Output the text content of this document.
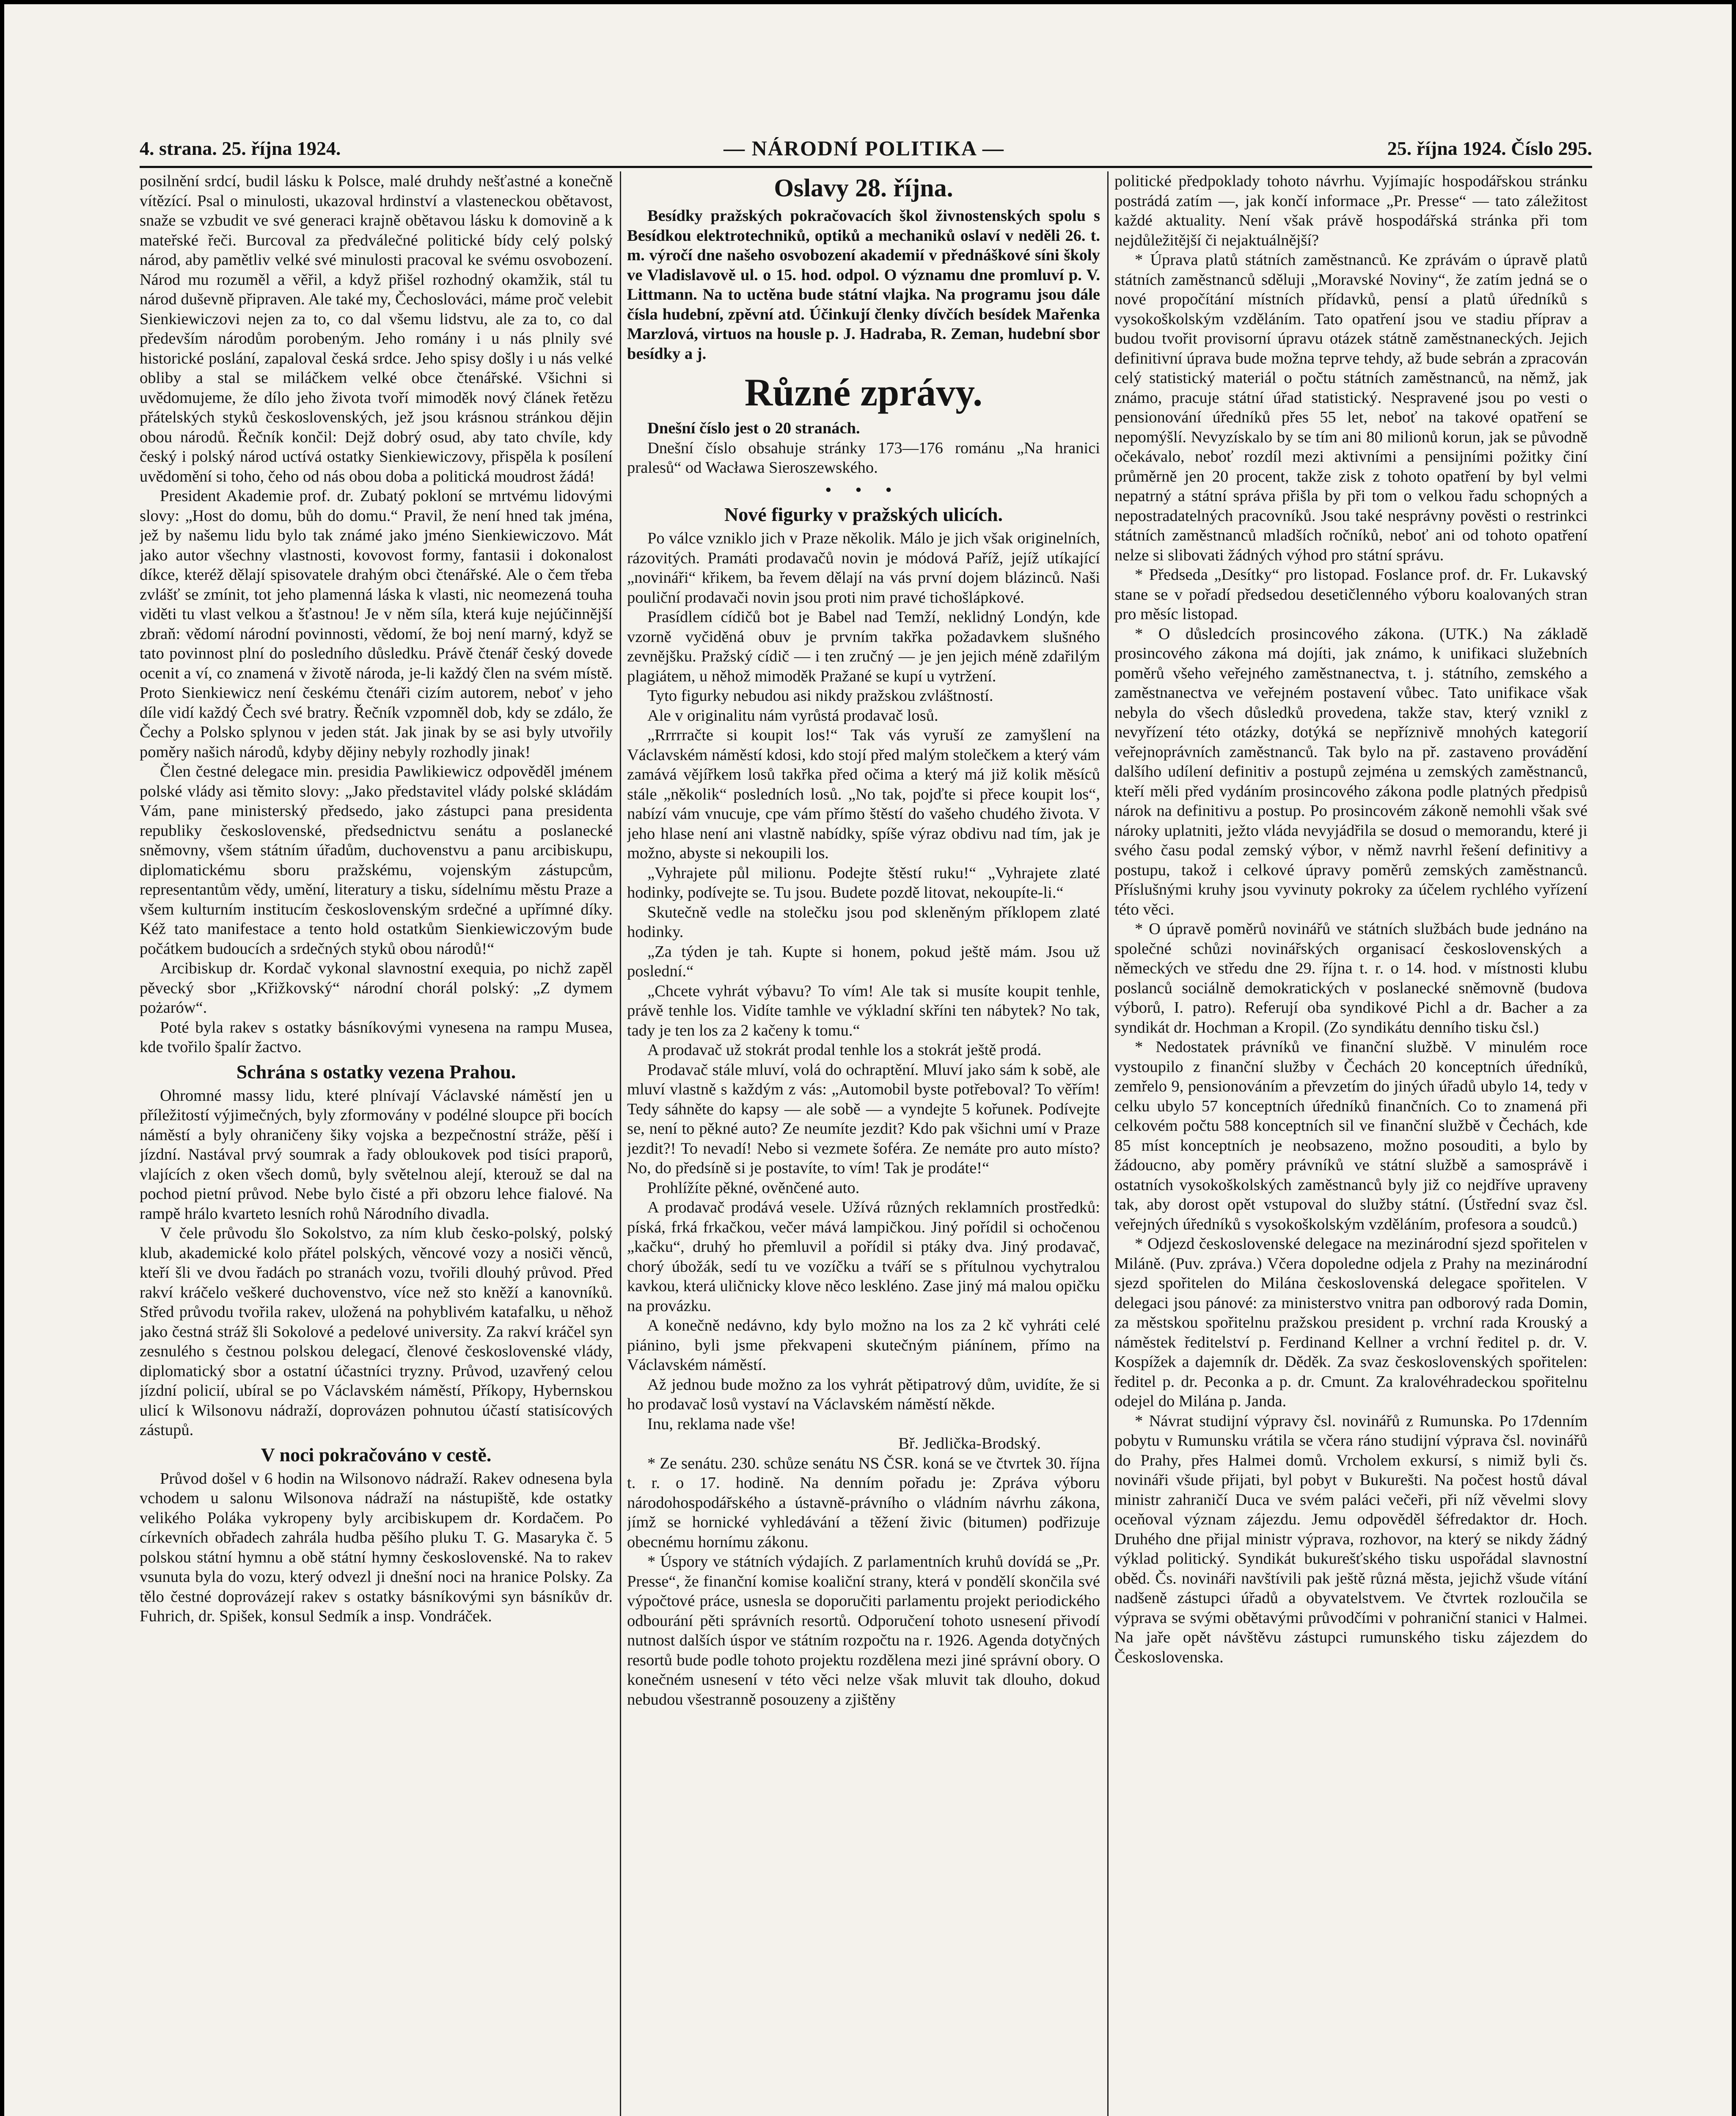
4. strana. 25. října 1924.	— NÁRODNÍ POLITIKA —	25. října 1924. Číslo 295.

posilnění srdcí, budil lásku k Polsce, malé druhdy nešťastné a konečně vítězící. Psal o minulosti, ukazoval hrdinství a vlasteneckou obětavost, snaže se vzbudit ve své generaci krajně obětavou lásku k domovině a k mateřské řeči. Burcoval za předválečné politické bídy celý polský národ, aby pamětliv velké své minulosti pracoval ke svému osvobození. Národ mu rozuměl a věřil, a když přišel rozhodný okamžik, stál tu národ duševně připraven. Ale také my, Čechoslováci, máme proč velebit Sienkiewiczovi nejen za to, co dal všemu lidstvu, ale za to, co dal především národům porobeným. Jeho romány i u nás plnily své historické poslání, zapaloval česká srdce. Jeho spisy došly i u nás velké obliby a stal se miláčkem velké obce čtenářské. Všichni si uvědomujeme, že dílo jeho života tvoří mimoděk nový článek řetězu přátelských styků československých, jež jsou krásnou stránkou dějin obou národů. Řečník končil: Dejž dobrý osud, aby tato chvíle, kdy český i polský národ uctívá ostatky Sienkiewiczovy, přispěla k posílení uvědomění si toho, čeho od nás obou doba a politická moudrost žádá!

President Akademie prof. dr. Zubatý pokloní se mrtvému lidovými slovy: „Host do domu, bůh do domu.“ Pravil, že není hned tak jména, jež by našemu lidu bylo tak známé jako jméno Sienkiewiczovo. Mát jako autor všechny vlastnosti, kovovost formy, fantasii i dokonalost díkce, kteréž dělají spisovatele drahým obci čtenářské. Ale o čem třeba zvlášť se zmínit, tot jeho plamenná láska k vlasti, nic neomezená touha viděti tu vlast velkou a šťastnou! Je v něm síla, která kuje nejúčinnější zbraň: vědomí národní povinnosti, vědomí, že boj není marný, když se tato povinnost plní do posledního důsledku. Právě čtenář český dovede ocenit a ví, co znamená v životě národa, je-li každý člen na svém místě. Proto Sienkiewicz není českému čtenáři cizím autorem, neboť v jeho díle vidí každý Čech své bratry. Řečník vzpomněl dob, kdy se zdálo, že Čechy a Polsko splynou v jeden stát. Jak jinak by se asi byly utvořily poměry našich národů, kdyby dějiny nebyly rozhodly jinak!

Člen čestné delegace min. presidia Pawlikiewicz odpověděl jménem polské vlády asi těmito slovy: „Jako představitel vlády polské skládám Vám, pane ministerský předsedo, jako zástupci pana presidenta republiky československé, předsednictvu senátu a poslanecké sněmovny, všem státním úřadům, duchovenstvu a panu arcibiskupu, diplomatickému sboru pražskému, vojenským zástupcům, representantům vědy, umění, literatury a tisku, sídelnímu městu Praze a všem kulturním institucím československým srdečné a upřímné díky. Kéž tato manifestace a tento hold ostatkům Sienkiewiczovým bude počátkem budoucích a srdečných styků obou národů!“

Arcibiskup dr. Kordač vykonal slavnostní exequia, po nichž zapěl pěvecký sbor „Křižkovský“ národní chorál polský: „Z dymem pożarów“.

Poté byla rakev s ostatky básníkovými vynesena na rampu Musea, kde tvořilo špalír žactvo.

Schrána s ostatky vezena Prahou.

Ohromné massy lidu, které plnívají Václavské náměstí jen u příležitostí výjimečných, byly zformovány v podélné sloupce při bocích náměstí a byly ohraničeny šiky vojska a bezpečnostní stráže, pěší i jízdní. Nastával prvý soumrak a řady obloukovek pod tisíci praporů, vlajících z oken všech domů, byly světelnou alejí, kterouž se dal na pochod pietní průvod. Nebe bylo čisté a při obzoru lehce fialové. Na rampě hrálo kvarteto lesních rohů Národního divadla.

V čele průvodu šlo Sokolstvo, za ním klub česko-polský, polský klub, akademické kolo přátel polských, věncové vozy a nosiči věnců, kteří šli ve dvou řadách po stranách vozu, tvořili dlouhý průvod. Před rakví kráčelo veškeré duchovenstvo, více než sto kněží a kanovníků. Střed průvodu tvořila rakev, uložená na pohyblivém katafalku, u něhož jako čestná stráž šli Sokolové a pedelové university. Za rakví kráčel syn zesnulého s čestnou polskou delegací, členové československé vlády, diplomatický sbor a ostatní účastníci tryzny. Průvod, uzavřený celou jízdní policií, ubíral se po Václavském náměstí, Příkopy, Hybernskou ulicí k Wilsonovu nádraží, doprovázen pohnutou účastí statisícových zástupů.

V noci pokračováno v cestě.

Průvod došel v 6 hodin na Wilsonovo nádraží. Rakev odnesena byla vchodem u salonu Wilsonova nádraží na nástupiště, kde ostatky velikého Poláka vykropeny byly arcibiskupem dr. Kordačem. Po církevních obřadech zahrála hudba pěšího pluku T. G. Masaryka č. 5 polskou státní hymnu a obě státní hymny československé. Na to rakev vsunuta byla do vozu, který odvezl ji dnešní noci na hranice Polsky. Za tělo čestné doprovázejí rakev s ostatky básníkovými syn básníkův dr. Fuhrich, dr. Spišek, konsul Sedmík a insp. Vondráček.

Oslavy 28. října.

Besídky pražských pokračovacích škol živnostenských spolu s Besídkou elektrotechniků, optiků a mechaniků oslaví v neděli 26. t. m. výročí dne našeho osvobození akademií v přednáškové síni školy ve Vladislavově ul. o 15. hod. odpol. O významu dne promluví p. V. Littmann. Na to uctěna bude státní vlajka. Na programu jsou dále čísla hudební, zpěvní atd. Účinkují členky dívčích besídek Mařenka Marzlová, virtuos na housle p. J. Hadraba, R. Zeman, hudební sbor besídky a j.

Různé zprávy.

Dnešní číslo jest o 20 stranách.

Dnešní číslo obsahuje stránky 173—176 románu „Na hranici pralesů“ od Wacława Sieroszewského.

• • •
Nové figurky v pražských ulicích.

Po válce vzniklo jich v Praze několik. Málo je jich však originelních, rázovitých. Pramáti prodavačů novin je módová Paříž, jejíž utíkající „novináři“ křikem, ba řevem dělají na vás první dojem blázinců. Naši pouliční prodavači novin jsou proti nim pravé tichošlápkové.

Prasídlem cídičů bot je Babel nad Temží, neklidný Londýn, kde vzorně vyčiděná obuv je prvním takřka požadavkem slušného zevnějšku. Pražský cídič — i ten zručný — je jen jejich méně zdařilým plagiátem, u něhož mimoděk Pražané se kupí u vytržení.

Tyto figurky nebudou asi nikdy pražskou zvláštností.

Ale v originalitu nám vyrůstá prodavač losů.

„Rrrrračte si koupit los!“ Tak vás vyruší ze zamyšlení na Václavském náměstí kdosi, kdo stojí před malým stolečkem a který vám zamává vějířkem losů takřka před očima a který má již kolik měsíců stále „několik“ posledních losů. „No tak, pojďte si přece koupit los“, nabízí vám vnucuje, cpe vám přímo štěstí do vašeho chudého života. V jeho hlase není ani vlastně nabídky, spíše výraz obdivu nad tím, jak je možno, abyste si nekoupili los.

„Vyhrajete půl milionu. Podejte štěstí ruku!“ „Vyhrajete zlaté hodinky, podívejte se. Tu jsou. Budete pozdě litovat, nekoupíte-li.“

Skutečně vedle na stolečku jsou pod skleněným příklopem zlaté hodinky.

„Za týden je tah. Kupte si honem, pokud ještě mám. Jsou už poslední.“

„Chcete vyhrát výbavu? To vím! Ale tak si musíte koupit tenhle, právě tenhle los. Vidíte tamhle ve výkladní skříni ten nábytek? No tak, tady je ten los za 2 kačeny k tomu.“

A prodavač už stokrát prodal tenhle los a stokrát ještě prodá.

Prodavač stále mluví, volá do ochraptění. Mluví jako sám k sobě, ale mluví vlastně s každým z vás: „Automobil byste potřeboval? To věřím! Tedy sáhněte do kapsy — ale sobě — a vyndejte 5 kořunek. Podívejte se, není to pěkné auto? Ze neumíte jezdit? Kdo pak všichni umí v Praze jezdit?! To nevadí! Nebo si vezmete šoféra. Ze nemáte pro auto místo? No, do předsíně si je postavíte, to vím! Tak je prodáte!“

Prohlížíte pěkné, ověnčené auto.

A prodavač prodává vesele. Užívá různých reklamních prostředků: píská, frká frkačkou, večer mává lampičkou. Jiný pořídil si ochočenou „kačku“, druhý ho přemluvil a pořídil si ptáky dva. Jiný prodavač, chorý úbožák, sedí tu ve vozíčku a tváří se s přítulnou vychytralou kavkou, která uličnicky klove něco leskléno. Zase jiný má malou opičku na provázku.

A konečně nedávno, kdy bylo možno na los za 2 kč vyhráti celé piánino, byli jsme překvapeni skutečným piánínem, přímo na Václavském náměstí.

Až jednou bude možno za los vyhrát pětipatrový dům, uvidíte, že si ho prodavač losů vystaví na Václavském náměstí někde.

Inu, reklama nade vše!

Bř. Jedlička-Brodský.

* Ze senátu. 230. schůze senátu NS ČSR. koná se ve čtvrtek 30. října t. r. o 17. hodině. Na denním pořadu je: Zpráva výboru národohospodářského a ústavně-právního o vládním návrhu zákona, jímž se hornické vyhledávání a těžení živic (bitumen) podřizuje obecnému hornímu zákonu.

* Úspory ve státních výdajích. Z parlamentních kruhů dovídá se „Pr. Presse“, že finanční komise koaliční strany, která v pondělí skončila své výpočtové práce, usnesla se doporučiti parlamentu projekt periodického odbourání pěti správních resortů. Odporučení tohoto usnesení přivodí nutnost dalších úspor ve státním rozpočtu na r. 1926. Agenda dotyčných resortů bude podle tohoto projektu rozdělena mezi jiné správní obory. O konečném usnesení v této věci nelze však mluvit tak dlouho, dokud nebudou všestranně posouzeny a zjištěny

politické předpoklady tohoto návrhu. Vyjímajíc hospodářskou stránku postrádá zatím —, jak končí informace „Pr. Presse“ — tato záležitost každé aktuality. Není však právě hospodářská stránka při tom nejdůležitější či nejaktuálnější?

* Úprava platů státních zaměstnanců. Ke zprávám o úpravě platů státních zaměstnanců sděluji „Moravské Noviny“, že zatím jedná se o nové propočítání místních přídavků, pensí a platů úředníků s vysokoškolským vzděláním. Tato opatření jsou ve stadiu příprav a budou tvořit provisorní úpravu otázek státně zaměstnaneckých. Jejich definitivní úprava bude možna teprve tehdy, až bude sebrán a zpracován celý statistický materiál o počtu státních zaměstnanců, na němž, jak známo, pracuje státní úřad statistický. Nespravené jsou po vesti o pensionování úředníků přes 55 let, neboť na takové opatření se nepomýšlí. Nevyzískalo by se tím ani 80 milionů korun, jak se původně očekávalo, neboť rozdíl mezi aktivními a pensijními požitky činí průměrně jen 20 procent, takže zisk z tohoto opatření by byl velmi nepatrný a státní správa přišla by při tom o velkou řadu schopných a nepostradatelných pracovníků. Jsou také nesprávny pověsti o restrinkci státních zaměstnanců mladších ročníků, neboť ani od tohoto opatření nelze si slibovati žádných výhod pro státní správu.

* Předseda „Desítky“ pro listopad. Foslance prof. dr. Fr. Lukavský stane se v pořadí předsedou desetičlenného výboru koalovaných stran pro měsíc listopad.

* O důsledcích prosincového zákona. (UTK.) Na základě prosincového zákona má dojíti, jak známo, k unifikaci služebních poměrů všeho veřejného zaměstnanectva, t. j. státního, zemského a zaměstnanectva ve veřejném postavení vůbec. Tato unifikace však nebyla do všech důsledků provedena, takže stav, který vznikl z nevyřízení této otázky, dotýká se nepříznivě mnohých kategorií veřejnoprávních zaměstnanců. Tak bylo na př. zastaveno provádění dalšího udílení definitiv a postupů zejména u zemských zaměstnanců, kteří měli před vydáním prosincového zákona podle platných předpisů nárok na definitivu a postup. Po prosincovém zákoně nemohli však své nároky uplatniti, ježto vláda nevyjádřila se dosud o memorandu, které ji svého času podal zemský výbor, v němž navrhl řešení definitivy a postupu, takož i celkové úpravy poměrů zemských zaměstnanců. Příslušnými kruhy jsou vyvinuty pokroky za účelem rychlého vyřízení této věci.

* O úpravě poměrů novinářů ve státních službách bude jednáno na společné schůzi novinářských organisací československých a německých ve středu dne 29. října t. r. o 14. hod. v místnosti klubu poslanců sociálně demokratických v poslanecké sněmovně (budova výborů, I. patro). Referují oba syndikové Pichl a dr. Bacher a za syndikát dr. Hochman a Kropil. (Zo syndikátu denního tisku čsl.)

* Nedostatek právníků ve finanční službě. V minulém roce vystoupilo z finanční služby v Čechách 20 konceptních úředníků, zemřelo 9, pensionováním a převzetím do jiných úřadů ubylo 14, tedy v celku ubylo 57 konceptních úředníků finančních. Co to znamená při celkovém počtu 588 konceptních sil ve finanční službě v Čechách, kde 85 míst konceptních je neobsazeno, možno posouditi, a bylo by žádoucno, aby poměry právníků ve státní službě a samosprávě i ostatních vysokoškolských zaměstnanců byly již co nejdříve upraveny tak, aby dorost opět vstupoval do služby státní. (Ústřední svaz čsl. veřejných úředníků s vysokoškolským vzděláním, profesora a soudců.)

* Odjezd československé delegace na mezinárodní sjezd spořitelen v Miláně. (Puv. zpráva.) Včera dopoledne odjela z Prahy na mezinárodní sjezd spořitelen do Milána československá delegace spořitelen. V delegaci jsou pánové: za ministerstvo vnitra pan odborový rada Domin, za městskou spořitelnu pražskou president p. vrchní rada Krouský a náměstek ředitelství p. Ferdinand Kellner a vrchní ředitel p. dr. V. Kospížek a dajemník dr. Děděk. Za svaz československých spořitelen: ředitel p. dr. Peconka a p. dr. Cmunt. Za kralovéhradeckou spořitelnu odejel do Milána p. Janda.

* Návrat studijní výpravy čsl. novinářů z Rumunska. Po 17denním pobytu v Rumunsku vrátila se včera ráno studijní výprava čsl. novinářů do Prahy, přes Halmei domů. Vrcholem exkursí, s nimiž byli čs. novináři všude přijati, byl pobyt v Bukurešti. Na počest hostů dával ministr zahraničí Duca ve svém paláci večeři, při níž věvelmi slovy oceňoval význam zájezdu. Jemu odpověděl šéfredaktor dr. Hoch. Druhého dne přijal ministr výprava, rozhovor, na který se nikdy žádný výklad politický. Syndikát bukurešťského tisku uspořádal slavnostní oběd. Čs. novináři navštívili pak ještě různá města, jejichž všude vítání nadšeně zástupci úřadů a obyvatelstvem. Ve čtvrtek rozloučila se výprava se svými obětavými průvodčími v pohraniční stanici v Halmei. Na jaře opět návštěvu zástupci rumunského tisku zájezdem do Československa.
